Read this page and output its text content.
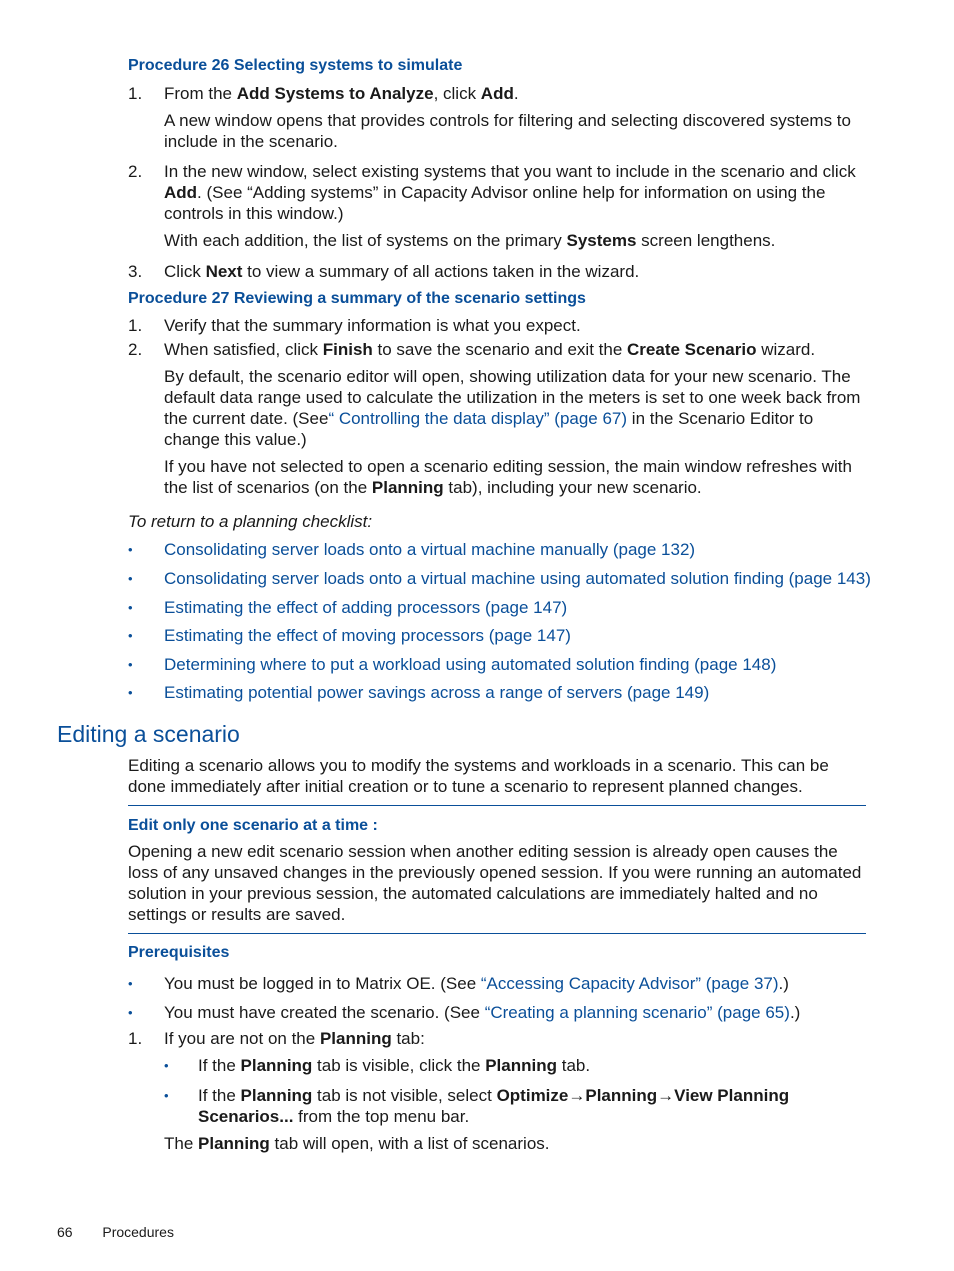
Procedure 26 Selecting systems to simulate
1. From the Add Systems to Analyze, click Add.
A new window opens that provides controls for filtering and selecting discovered systems to include in the scenario.
2. In the new window, select existing systems that you want to include in the scenario and click Add. (See “Adding systems” in Capacity Advisor online help for information on using the controls in this window.)
With each addition, the list of systems on the primary Systems screen lengthens.
3. Click Next to view a summary of all actions taken in the wizard.
Procedure 27 Reviewing a summary of the scenario settings
1. Verify that the summary information is what you expect.
2. When satisfied, click Finish to save the scenario and exit the Create Scenario wizard.
By default, the scenario editor will open, showing utilization data for your new scenario. The default data range used to calculate the utilization in the meters is set to one week back from the current date. (See“ Controlling the data display” (page 67) in the Scenario Editor to change this value.)
If you have not selected to open a scenario editing session, the main window refreshes with the list of scenarios (on the Planning tab), including your new scenario.
To return to a planning checklist:
• Consolidating server loads onto a virtual machine manually (page 132)
• Consolidating server loads onto a virtual machine using automated solution finding (page 143)
• Estimating the effect of adding processors (page 147)
• Estimating the effect of moving processors (page 147)
• Determining where to put a workload using automated solution finding (page 148)
• Estimating potential power savings across a range of servers (page 149)
Editing a scenario
Editing a scenario allows you to modify the systems and workloads in a scenario. This can be done immediately after initial creation or to tune a scenario to represent planned changes.
Edit only one scenario at a time :
Opening a new edit scenario session when another editing session is already open causes the loss of any unsaved changes in the previously opened session. If you were running an automated solution in your previous session, the automated calculations are immediately halted and no settings or results are saved.
Prerequisites
• You must be logged in to Matrix OE. (See “Accessing Capacity Advisor” (page 37).)
• You must have created the scenario. (See “Creating a planning scenario” (page 65).)
1. If you are not on the Planning tab:
• If the Planning tab is visible, click the Planning tab.
• If the Planning tab is not visible, select Optimize→Planning→View Planning Scenarios... from the top menu bar.
The Planning tab will open, with a list of scenarios.
66 Procedures
